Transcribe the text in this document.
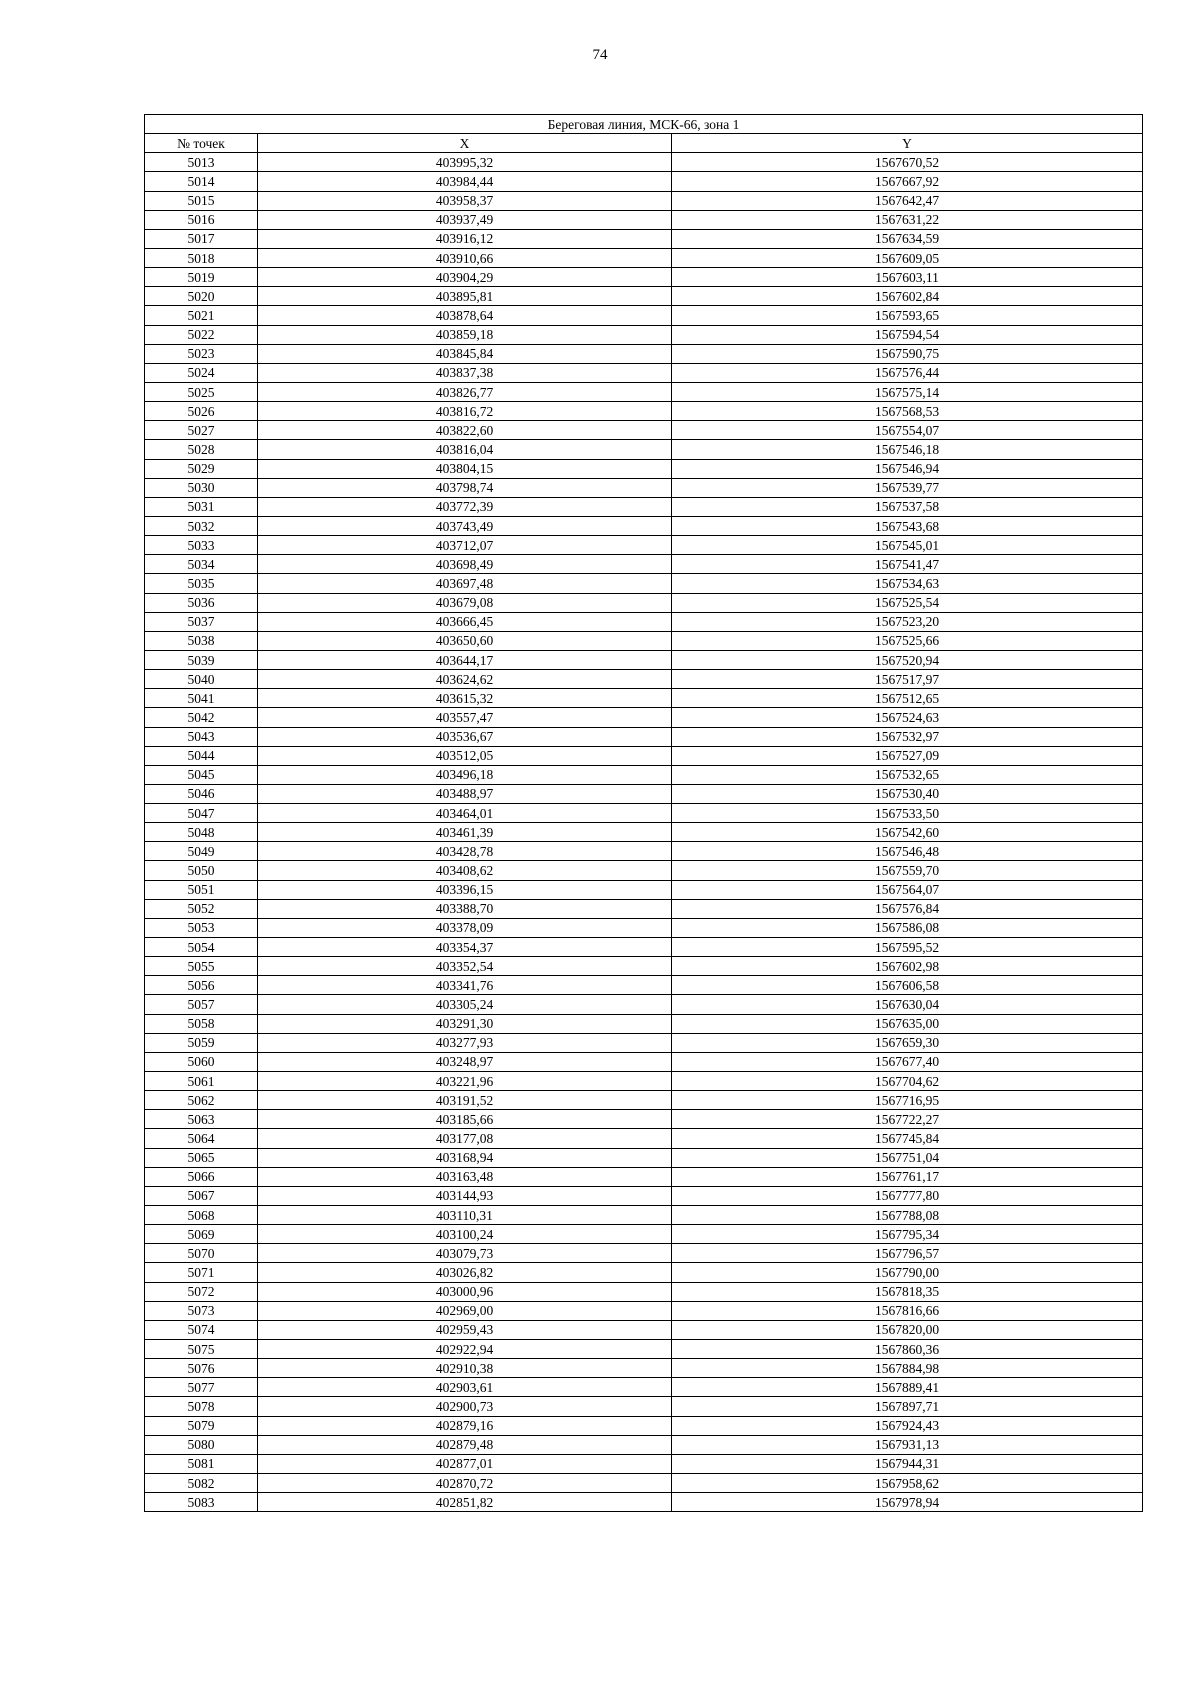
74
Береговая линия, МСК-66, зона 1		
№ точек	X	Y
5013	403995,32	1567670,52
5014	403984,44	1567667,92
5015	403958,37	1567642,47
5016	403937,49	1567631,22
5017	403916,12	1567634,59
5018	403910,66	1567609,05
5019	403904,29	1567603,11
5020	403895,81	1567602,84
5021	403878,64	1567593,65
5022	403859,18	1567594,54
5023	403845,84	1567590,75
5024	403837,38	1567576,44
5025	403826,77	1567575,14
5026	403816,72	1567568,53
5027	403822,60	1567554,07
5028	403816,04	1567546,18
5029	403804,15	1567546,94
5030	403798,74	1567539,77
5031	403772,39	1567537,58
5032	403743,49	1567543,68
5033	403712,07	1567545,01
5034	403698,49	1567541,47
5035	403697,48	1567534,63
5036	403679,08	1567525,54
5037	403666,45	1567523,20
5038	403650,60	1567525,66
5039	403644,17	1567520,94
5040	403624,62	1567517,97
5041	403615,32	1567512,65
5042	403557,47	1567524,63
5043	403536,67	1567532,97
5044	403512,05	1567527,09
5045	403496,18	1567532,65
5046	403488,97	1567530,40
5047	403464,01	1567533,50
5048	403461,39	1567542,60
5049	403428,78	1567546,48
5050	403408,62	1567559,70
5051	403396,15	1567564,07
5052	403388,70	1567576,84
5053	403378,09	1567586,08
5054	403354,37	1567595,52
5055	403352,54	1567602,98
5056	403341,76	1567606,58
5057	403305,24	1567630,04
5058	403291,30	1567635,00
5059	403277,93	1567659,30
5060	403248,97	1567677,40
5061	403221,96	1567704,62
5062	403191,52	1567716,95
5063	403185,66	1567722,27
5064	403177,08	1567745,84
5065	403168,94	1567751,04
5066	403163,48	1567761,17
5067	403144,93	1567777,80
5068	403110,31	1567788,08
5069	403100,24	1567795,34
5070	403079,73	1567796,57
5071	403026,82	1567790,00
5072	403000,96	1567818,35
5073	402969,00	1567816,66
5074	402959,43	1567820,00
5075	402922,94	1567860,36
5076	402910,38	1567884,98
5077	402903,61	1567889,41
5078	402900,73	1567897,71
5079	402879,16	1567924,43
5080	402879,48	1567931,13
5081	402877,01	1567944,31
5082	402870,72	1567958,62
5083	402851,82	1567978,94
